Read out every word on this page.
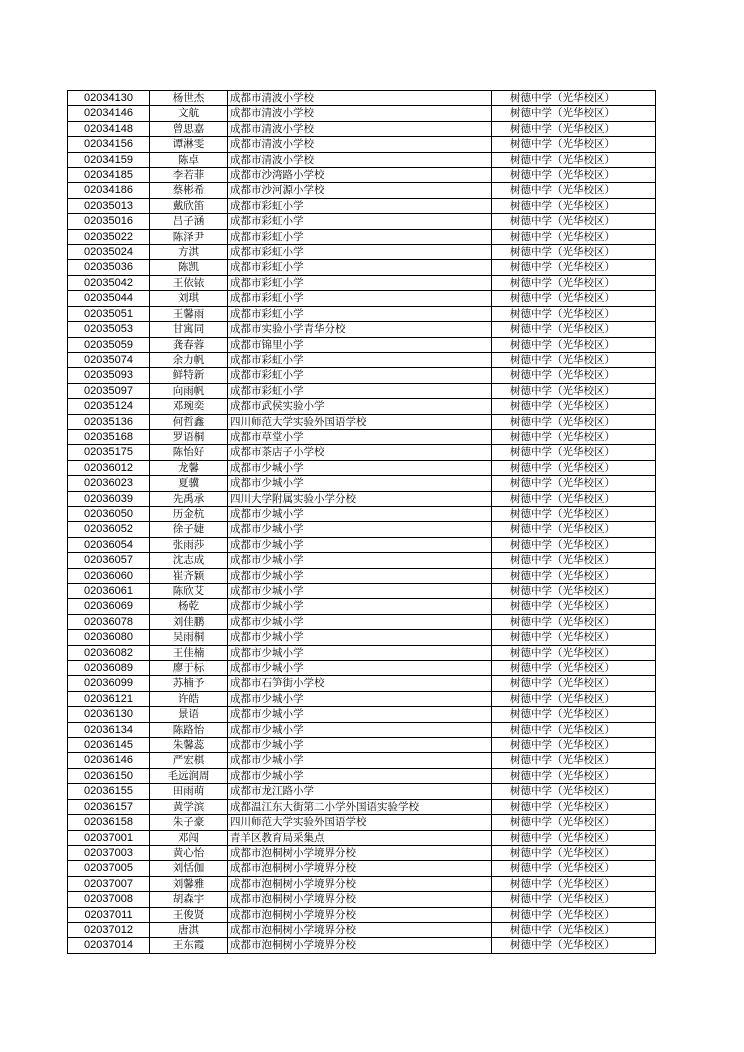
02034130	杨世杰	成都市清波小学校	树德中学（光华校区）
02034146	文航	成都市清波小学校	树德中学（光华校区）
02034148	曾思嘉	成都市清波小学校	树德中学（光华校区）
02034156	谭淋雯	成都市清波小学校	树德中学（光华校区）
02034159	陈卓	成都市清波小学校	树德中学（光华校区）
02034185	李若菲	成都市沙湾路小学校	树德中学（光华校区）
02034186	蔡彬希	成都市沙河源小学校	树德中学（光华校区）
02035013	戴欣笛	成都市彩虹小学	树德中学（光华校区）
02035016	吕子涵	成都市彩虹小学	树德中学（光华校区）
02035022	陈泽尹	成都市彩虹小学	树德中学（光华校区）
02035024	方淇	成都市彩虹小学	树德中学（光华校区）
02035036	陈凯	成都市彩虹小学	树德中学（光华校区）
02035042	王依铱	成都市彩虹小学	树德中学（光华校区）
02035044	刘琪	成都市彩虹小学	树德中学（光华校区）
02035051	王馨雨	成都市彩虹小学	树德中学（光华校区）
02035053	甘寓同	成都市实验小学青华分校	树德中学（光华校区）
02035059	龚春蓉	成都市锦里小学	树德中学（光华校区）
02035074	余力帆	成都市彩虹小学	树德中学（光华校区）
02035093	鲜特新	成都市彩虹小学	树德中学（光华校区）
02035097	向雨帆	成都市彩虹小学	树德中学（光华校区）
02035124	邓琬奕	成都市武侯实验小学	树德中学（光华校区）
02035136	何哲鑫	四川师范大学实验外国语学校	树德中学（光华校区）
02035168	罗语桐	成都市草堂小学	树德中学（光华校区）
02035175	陈怡好	成都市茶店子小学校	树德中学（光华校区）
02036012	龙馨	成都市少城小学	树德中学（光华校区）
02036023	夏骥	成都市少城小学	树德中学（光华校区）
02036039	先禹承	四川大学附属实验小学分校	树德中学（光华校区）
02036050	历金杭	成都市少城小学	树德中学（光华校区）
02036052	徐子婕	成都市少城小学	树德中学（光华校区）
02036054	张雨莎	成都市少城小学	树德中学（光华校区）
02036057	沈志成	成都市少城小学	树德中学（光华校区）
02036060	崔齐颖	成都市少城小学	树德中学（光华校区）
02036061	陈欣艾	成都市少城小学	树德中学（光华校区）
02036069	杨乾	成都市少城小学	树德中学（光华校区）
02036078	刘佳鹏	成都市少城小学	树德中学（光华校区）
02036080	吴雨桐	成都市少城小学	树德中学（光华校区）
02036082	王佳楠	成都市少城小学	树德中学（光华校区）
02036089	廖于标	成都市少城小学	树德中学（光华校区）
02036099	苏楠予	成都市石笋街小学校	树德中学（光华校区）
02036121	许皓	成都市少城小学	树德中学（光华校区）
02036130	景语	成都市少城小学	树德中学（光华校区）
02036134	陈路怡	成都市少城小学	树德中学（光华校区）
02036145	朱馨蕊	成都市少城小学	树德中学（光华校区）
02036146	严宏棋	成都市少城小学	树德中学（光华校区）
02036150	毛远润周	成都市少城小学	树德中学（光华校区）
02036155	田雨萌	成都市龙江路小学	树德中学（光华校区）
02036157	黄学滨	成都温江东大街第二小学外国语实验学校	树德中学（光华校区）
02036158	朱子豪	四川师范大学实验外国语学校	树德中学（光华校区）
02037001	邓闯	青羊区教育局采集点	树德中学（光华校区）
02037003	黄心怡	成都市泡桐树小学境界分校	树德中学（光华校区）
02037005	刘恬伽	成都市泡桐树小学境界分校	树德中学（光华校区）
02037007	刘馨雅	成都市泡桐树小学境界分校	树德中学（光华校区）
02037008	胡森宇	成都市泡桐树小学境界分校	树德中学（光华校区）
02037011	王俊贤	成都市泡桐树小学境界分校	树德中学（光华校区）
02037012	唐淇	成都市泡桐树小学境界分校	树德中学（光华校区）
02037014	王东霞	成都市泡桐树小学境界分校	树德中学（光华校区）
